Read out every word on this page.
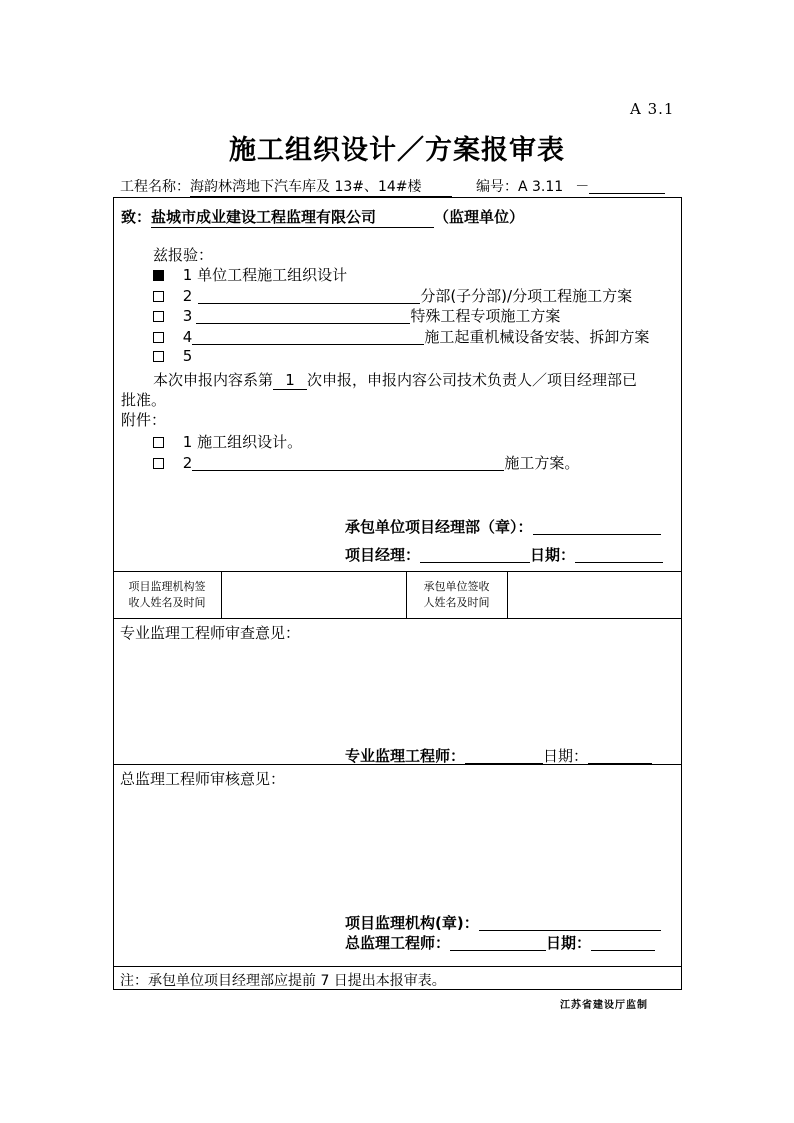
A 3.1
施工组织设计／方案报审表
工程名称：海韵林湾地下汽车库及 13#、14#楼	编号：A 3.11 －
致：盐城市成业建设工程监理有限公司	（监理单位）
兹报验：
1 单位工程施工组织设计
2	分部(子分部)/分项工程施工方案
3	特殊工程专项施工方案
4	施工起重机械设备安装、拆卸方案
5
本次申报内容系第 1 次申报，申报内容公司技术负责人／项目经理部已
批准。
附件：
1 施工组织设计。
2	施工方案。
承包单位项目经理部（章）：
项目经理：	日期：
项目监理机构签
收人姓名及时间
承包单位签收
人姓名及时间
专业监理工程师审查意见：
专业监理工程师：	日期：
总监理工程师审核意见：
项目监理机构(章)：
总监理工程师：	日期：
注：承包单位项目经理部应提前 7 日提出本报审表。
江苏省建设厅监制
